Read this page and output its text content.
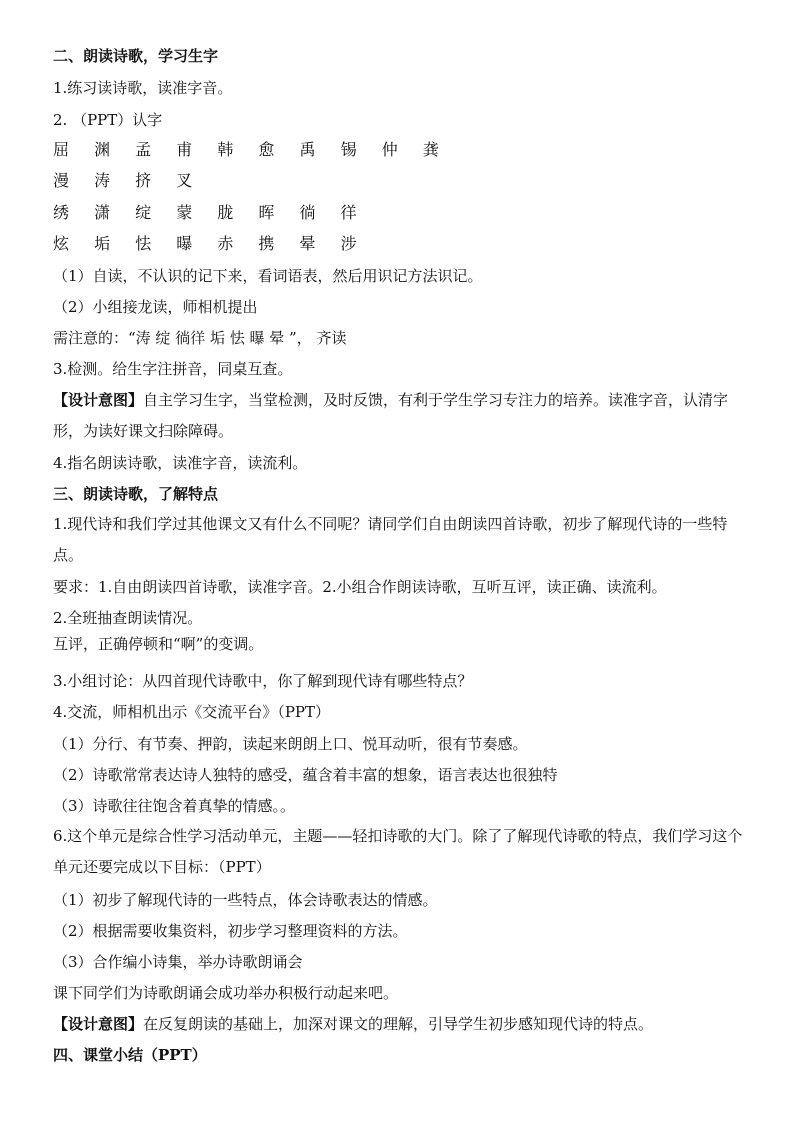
二、朗读诗歌，学习生字
1.练习读诗歌，读准字音。
2. （PPT）认字
屈 渊 孟 甫 韩 愈 禹 锡 仲 龚
漫 涛 挤 叉
绣 潇 绽 蒙 胧 晖 徜 徉
炫 垢 怯 曝 赤 携 晕 涉
（1）自读，不认识的记下来，看词语表，然后用识记方法识记。
（2）小组接龙读，师相机提出
需注意的：“涛 绽 徜徉 垢 怯 曝 晕 ”， 齐读
3.检测。给生字注拼音，同桌互查。
【设计意图】自主学习生字，当堂检测，及时反馈，有利于学生学习专注力的培养。读准字音，认清字形，为读好课文扫除障碍。
4.指名朗读诗歌，读准字音，读流利。
三、朗读诗歌，了解特点
1.现代诗和我们学过其他课文又有什么不同呢？请同学们自由朗读四首诗歌，初步了解现代诗的一些特点。
要求：1.自由朗读四首诗歌，读准字音。2.小组合作朗读诗歌，互听互评，读正确、读流利。
2.全班抽查朗读情况。
互评，正确停顿和“啊”的变调。
3.小组讨论：从四首现代诗歌中，你了解到现代诗有哪些特点？
4.交流，师相机出示《交流平台》（PPT）
（1）分行、有节奏、押韵，读起来朗朗上口、悦耳动听，很有节奏感。
（2）诗歌常常表达诗人独特的感受，蕴含着丰富的想象，语言表达也很独特
（3）诗歌往往饱含着真挚的情感。。
6.这个单元是综合性学习活动单元，主题——轻扣诗歌的大门。除了了解现代诗歌的特点，我们学习这个单元还要完成以下目标：（PPT）
（1）初步了解现代诗的一些特点，体会诗歌表达的情感。
（2）根据需要收集资料，初步学习整理资料的方法。
（3）合作编小诗集，举办诗歌朗诵会
课下同学们为诗歌朗诵会成功举办积极行动起来吧。
【设计意图】在反复朗读的基础上，加深对课文的理解，引导学生初步感知现代诗的特点。
四、课堂小结（PPT）
